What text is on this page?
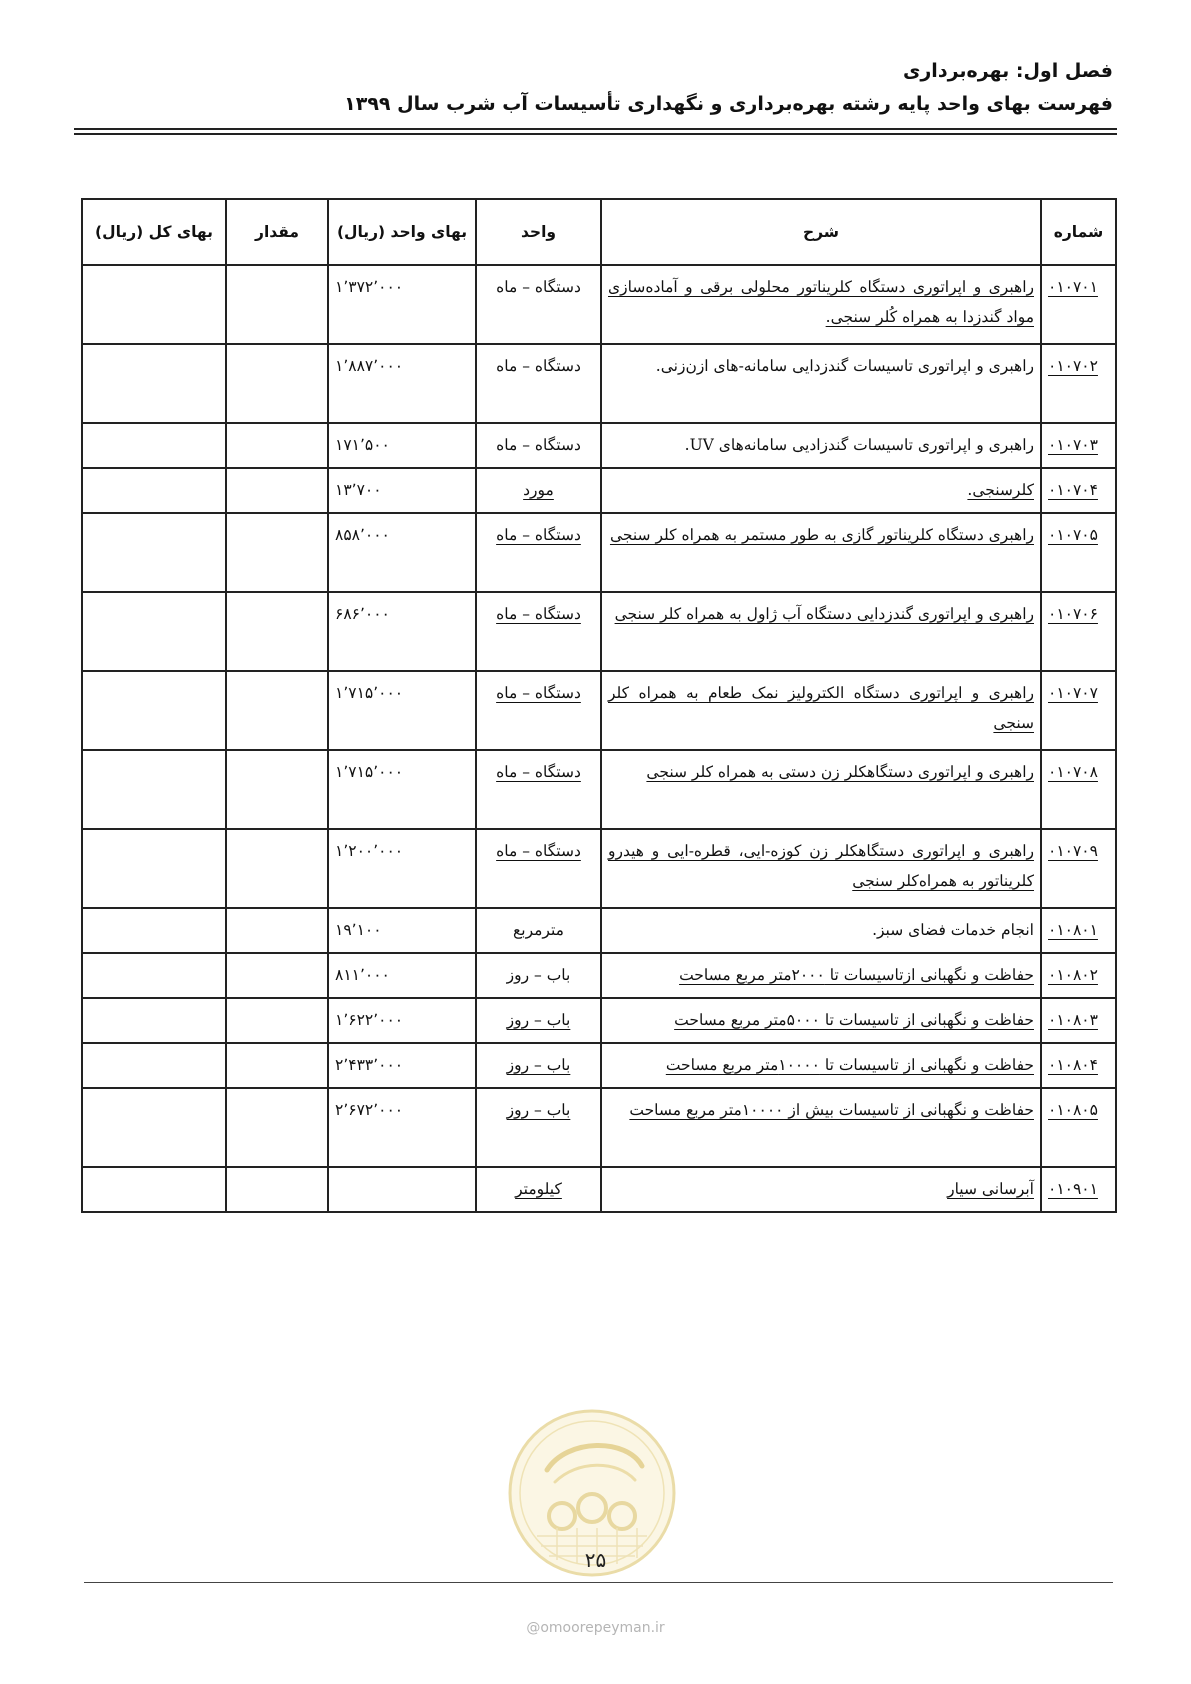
فصل اول: بهره‌برداری
فهرست بهای واحد پایه رشته بهره‌برداری و نگهداری تأسیسات آب شرب سال ۱۳۹۹
شماره	شرح	واحد	بهای واحد (ریال)	مقدار	بهای کل (ریال)
۰۱۰۷۰۱	راهبری و اپراتوری دستگاه کلریناتور محلولی برقی و آماده‌سازی مواد گندزدا به همراه کُلر سنجی.	دستگاه – ماه	۱٬۳۷۲٬۰۰۰		
۰۱۰۷۰۲	راهبری و اپراتوری تاسیسات گندزدایی سامانه-های ازن‌زنی.	دستگاه – ماه	۱٬۸۸۷٬۰۰۰		
۰۱۰۷۰۳	راهبری و اپراتوری تاسیسات گندزادیی سامانه‌های UV.	دستگاه – ماه	۱۷۱٬۵۰۰		
۰۱۰۷۰۴	کلرسنجی.	مورد	۱۳٬۷۰۰		
۰۱۰۷۰۵	راهبری دستگاه کلریناتور گازی به طور مستمر به همراه کلر سنجی	دستگاه – ماه	۸۵۸٬۰۰۰		
۰۱۰۷۰۶	راهبری و اپراتوری گندزدایی دستگاه آب ژاول به همراه کلر سنجی	دستگاه – ماه	۶۸۶٬۰۰۰		
۰۱۰۷۰۷	راهبری و اپراتوری دستگاه الکترولیز نمک طعام به همراه کلر سنجی	دستگاه – ماه	۱٬۷۱۵٬۰۰۰		
۰۱۰۷۰۸	راهبری و اپراتوری دستگاهکلر زن دستی به همراه کلر سنجی	دستگاه – ماه	۱٬۷۱۵٬۰۰۰		
۰۱۰۷۰۹	راهبری و اپراتوری دستگاهکلر زن کوزه-ایی، قطره-ایی و هیدرو کلریناتور به همراه‌کلر سنجی	دستگاه – ماه	۱٬۲۰۰٬۰۰۰		
۰۱۰۸۰۱	انجام خدمات فضای سبز.	مترمربع	۱۹٬۱۰۰		
۰۱۰۸۰۲	حفاظت و نگهبانی ازتاسیسات تا ۲۰۰۰متر مربع مساحت	باب – روز	۸۱۱٬۰۰۰		
۰۱۰۸۰۳	حفاظت و نگهبانی از تاسیسات تا ۵۰۰۰متر مربع مساحت	باب – روز	۱٬۶۲۲٬۰۰۰		
۰۱۰۸۰۴	حفاظت و نگهبانی از تاسیسات تا ۱۰۰۰۰متر مربع مساحت	باب – روز	۲٬۴۳۳٬۰۰۰		
۰۱۰۸۰۵	حفاظت و نگهبانی از تاسیسات بیش از ۱۰۰۰۰متر مربع مساحت	باب – روز	۲٬۶۷۲٬۰۰۰		
۰۱۰۹۰۱	آبرسانی سیار	کیلومتر			
۲۵
@omoorepeyman.ir
